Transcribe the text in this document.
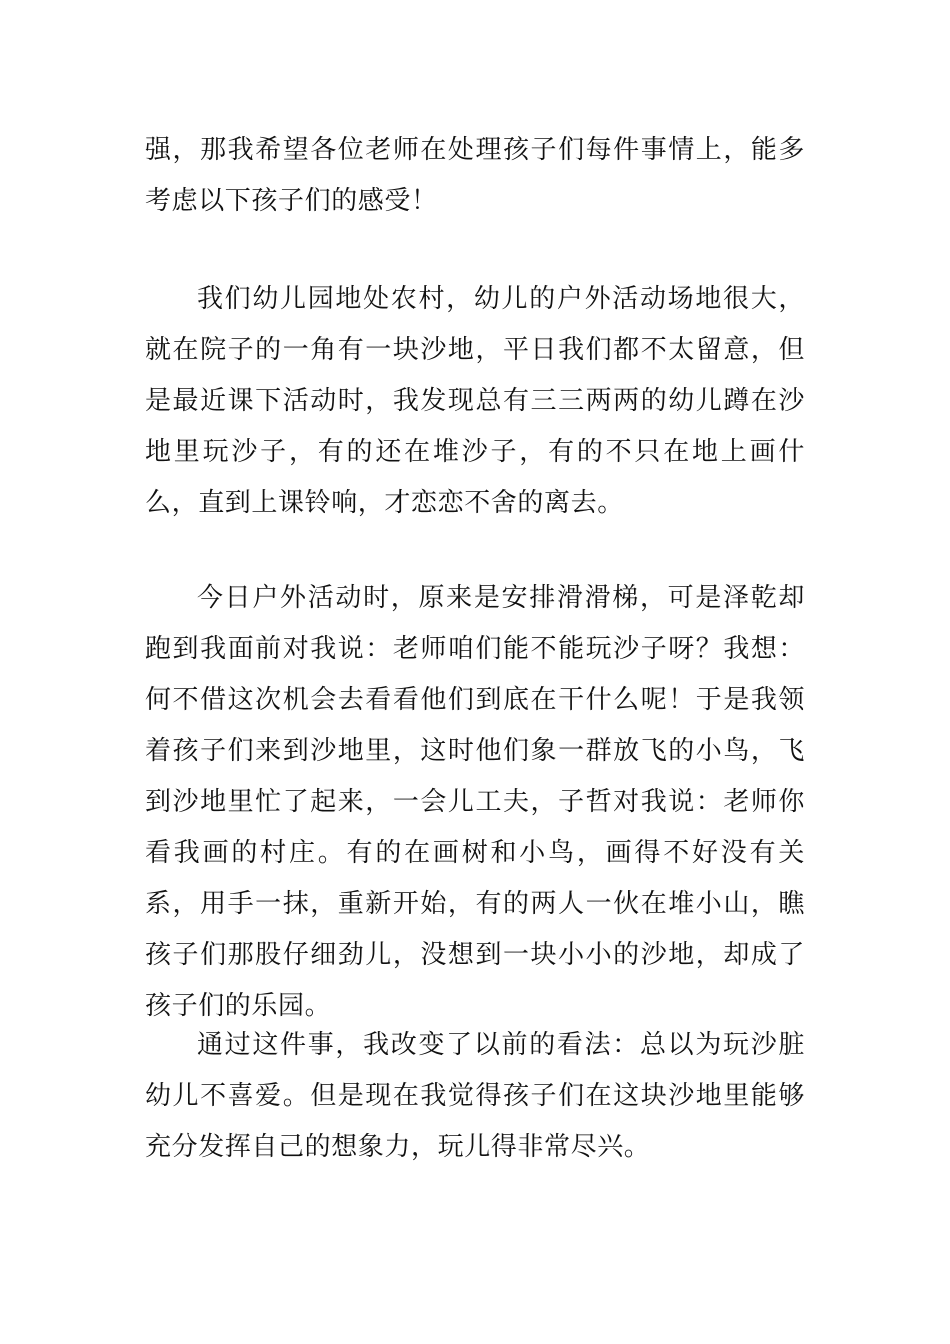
强，那我希望各位老师在处理孩子们每件事情上，能多考虑以下孩子们的感受！

我们幼儿园地处农村，幼儿的户外活动场地很大，就在院子的一角有一块沙地，平日我们都不太留意，但是最近课下活动时，我发现总有三三两两的幼儿蹲在沙地里玩沙子，有的还在堆沙子，有的不只在地上画什么，直到上课铃响，才恋恋不舍的离去。

今日户外活动时，原来是安排滑滑梯，可是泽乾却跑到我面前对我说：老师咱们能不能玩沙子呀？我想：何不借这次机会去看看他们到底在干什么呢！于是我领着孩子们来到沙地里，这时他们象一群放飞的小鸟，飞到沙地里忙了起来，一会儿工夫，子哲对我说：老师你看我画的村庄。有的在画树和小鸟，画得不好没有关系，用手一抹，重新开始，有的两人一伙在堆小山，瞧孩子们那股仔细劲儿，没想到一块小小的沙地，却成了孩子们的乐园。

通过这件事，我改变了以前的看法：总以为玩沙脏幼儿不喜爱。但是现在我觉得孩子们在这块沙地里能够充分发挥自己的想象力，玩儿得非常尽兴。
